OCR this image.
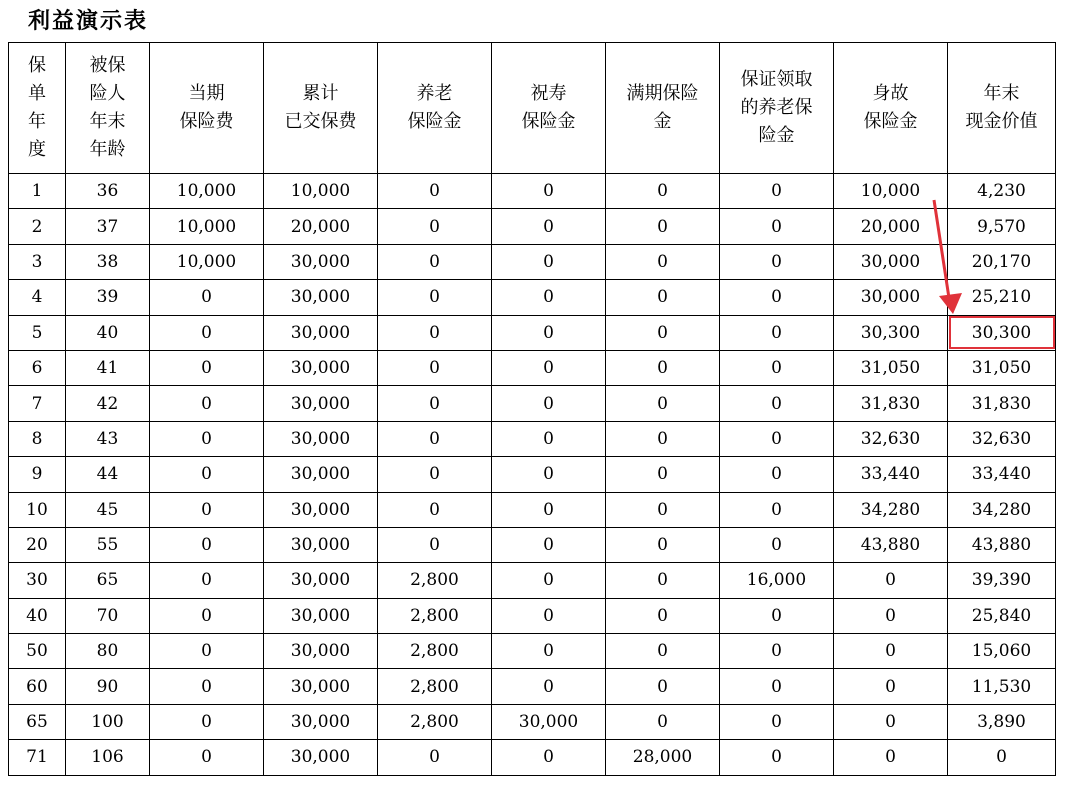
利益演示表
保
单
年
度	被保
险人
年末
年龄	当期
保险费	累计
已交保费	养老
保险金	祝寿
保险金	满期保险
金	保证领取
的养老保
险金	身故
保险金	年末
现金价值
1	36	10,000	10,000	0	0	0	0	10,000	4,230
2	37	10,000	20,000	0	0	0	0	20,000	9,570
3	38	10,000	30,000	0	0	0	0	30,000	20,170
4	39	0	30,000	0	0	0	0	30,000	25,210
5	40	0	30,000	0	0	0	0	30,300	30,300
6	41	0	30,000	0	0	0	0	31,050	31,050
7	42	0	30,000	0	0	0	0	31,830	31,830
8	43	0	30,000	0	0	0	0	32,630	32,630
9	44	0	30,000	0	0	0	0	33,440	33,440
10	45	0	30,000	0	0	0	0	34,280	34,280
20	55	0	30,000	0	0	0	0	43,880	43,880
30	65	0	30,000	2,800	0	0	16,000	0	39,390
40	70	0	30,000	2,800	0	0	0	0	25,840
50	80	0	30,000	2,800	0	0	0	0	15,060
60	90	0	30,000	2,800	0	0	0	0	11,530
65	100	0	30,000	2,800	30,000	0	0	0	3,890
71	106	0	30,000	0	0	28,000	0	0	0
